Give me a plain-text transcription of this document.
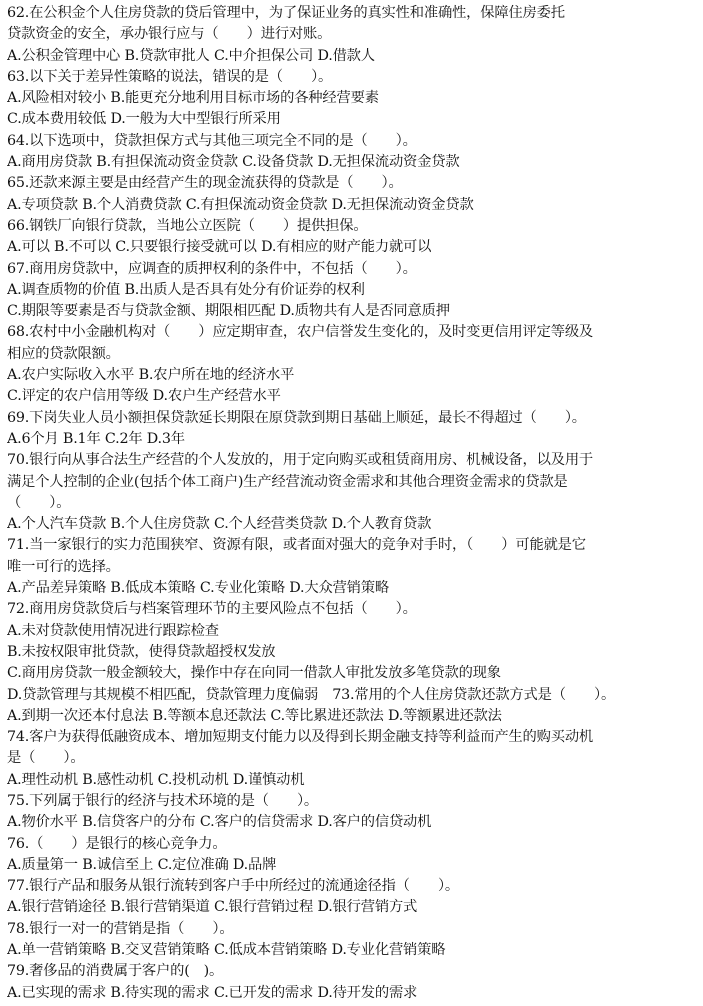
62.在公积金个人住房贷款的贷后管理中，为了保证业务的真实性和准确性，保障住房委托
贷款资金的安全，承办银行应与（　　）进行对账。
A.公积金管理中心 B.贷款审批人 C.中介担保公司 D.借款人
63.以下关于差异性策略的说法，错误的是（　　）。
A.风险相对较小 B.能更充分地利用目标市场的各种经营要素
C.成本费用较低 D.一般为大中型银行所采用
64.以下选项中，贷款担保方式与其他三项完全不同的是（　　）。
A.商用房贷款 B.有担保流动资金贷款 C.设备贷款 D.无担保流动资金贷款
65.还款来源主要是由经营产生的现金流获得的贷款是（　　）。
A.专项贷款 B.个人消费贷款 C.有担保流动资金贷款 D.无担保流动资金贷款
66.钢铁厂向银行贷款，当地公立医院（　　）提供担保。
A.可以 B.不可以 C.只要银行接受就可以 D.有相应的财产能力就可以
67.商用房贷款中，应调查的质押权利的条件中，不包括（　　）。
A.调查质物的价值 B.出质人是否具有处分有价证券的权利
C.期限等要素是否与贷款金额、期限相匹配 D.质物共有人是否同意质押
68.农村中小金融机构对（　　）应定期审查，农户信誉发生变化的，及时变更信用评定等级及
相应的贷款限额。
A.农户实际收入水平 B.农户所在地的经济水平
C.评定的农户信用等级 D.农户生产经营水平
69.下岗失业人员小额担保贷款延长期限在原贷款到期日基础上顺延，最长不得超过（　　）。
A.6个月 B.1年 C.2年 D.3年
70.银行向从事合法生产经营的个人发放的，用于定向购买或租赁商用房、机械设备，以及用于
满足个人控制的企业(包括个体工商户)生产经营流动资金需求和其他合理资金需求的贷款是
（　　）。
A.个人汽车贷款 B.个人住房贷款 C.个人经营类贷款 D.个人教育贷款
71.当一家银行的实力范围狭窄、资源有限，或者面对强大的竞争对手时，（　　）可能就是它
唯一可行的选择。
A.产品差异策略 B.低成本策略 C.专业化策略 D.大众营销策略
72.商用房贷款贷后与档案管理环节的主要风险点不包括（　　）。
A.未对贷款使用情况进行跟踪检查
B.未按权限审批贷款，使得贷款超授权发放
C.商用房贷款一般金额较大，操作中存在向同一借款人审批发放多笔贷款的现象
D.贷款管理与其规模不相匹配，贷款管理力度偏弱　73.常用的个人住房贷款还款方式是（　　）。
A.到期一次还本付息法 B.等额本息还款法 C.等比累进还款法 D.等额累进还款法
74.客户为获得低融资成本、增加短期支付能力以及得到长期金融支持等利益而产生的购买动机
是（　　）。
A.理性动机 B.感性动机 C.投机动机 D.谨慎动机
75.下列属于银行的经济与技术环境的是（　　）。
A.物价水平 B.信贷客户的分布 C.客户的信贷需求 D.客户的信贷动机
76.（　　）是银行的核心竞争力。
A.质量第一 B.诚信至上 C.定位准确 D.品牌
77.银行产品和服务从银行流转到客户手中所经过的流通途径指（　　）。
A.银行营销途径 B.银行营销渠道 C.银行营销过程 D.银行营销方式
78.银行一对一的营销是指（　　）。
A.单一营销策略 B.交叉营销策略 C.低成本营销策略 D.专业化营销策略
79.奢侈品的消费属于客户的(　)。
A.已实现的需求 B.待实现的需求 C.已开发的需求 D.待开发的需求
